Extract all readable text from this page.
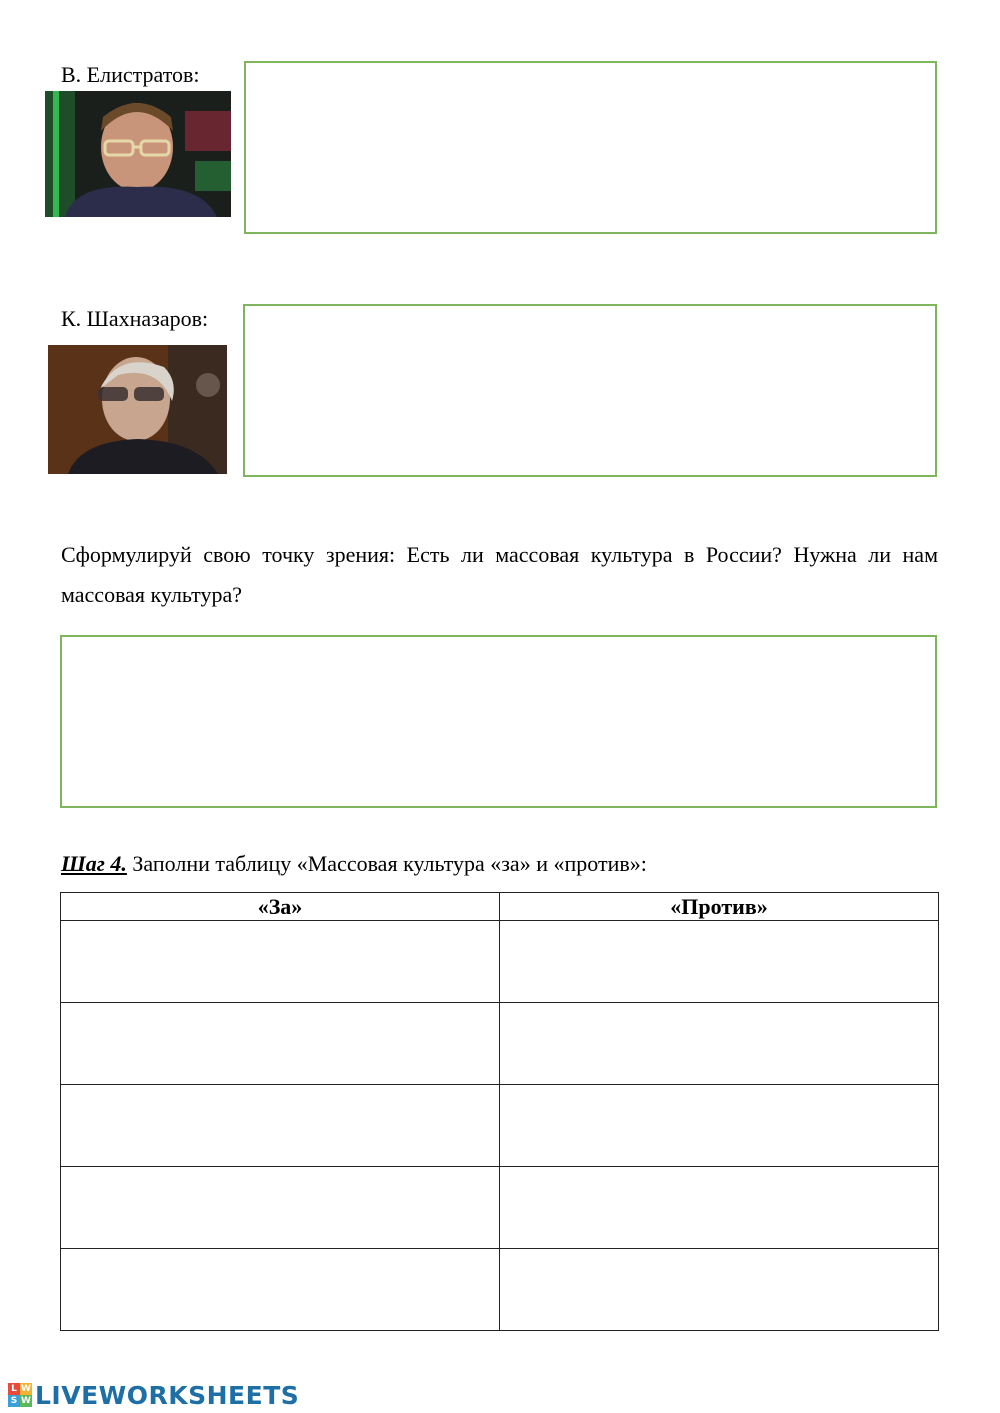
В. Елистратов:
К. Шахназаров:
Сформулируй свою точку зрения: Есть ли массовая культура в России? Нужна ли нам массовая культура?
Шаг 4. Заполни таблицу «Массовая культура «за» и «против»:
«За»	«Против»

L W
S W LIVEWORKSHEETS
